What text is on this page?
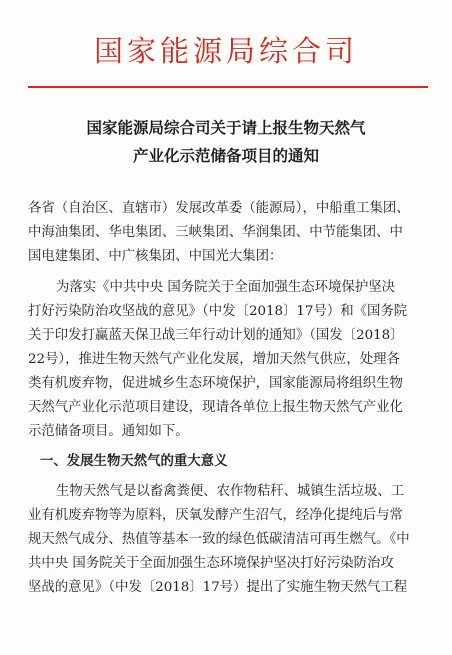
国家能源局综合司
国家能源局综合司关于请上报生物天然气
产业化示范储备项目的通知
各省（自治区、直辖市）发展改革委（能源局），中船重工集团、
中海油集团、华电集团、三峡集团、华润集团、中节能集团、中
国电建集团、中广核集团、中国光大集团：
为落实《中共中央 国务院关于全面加强生态环境保护坚决
打好污染防治攻坚战的意见》（中发〔2018〕17号）和《国务院
关于印发打赢蓝天保卫战三年行动计划的通知》（国发〔2018〕
22号），推进生物天然气产业化发展，增加天然气供应，处理各
类有机废弃物，促进城乡生态环境保护，国家能源局将组织生物
天然气产业化示范项目建设，现请各单位上报生物天然气产业化
示范储备项目。通知如下。
一、发展生物天然气的重大意义
生物天然气是以畜禽粪便、农作物秸秆、城镇生活垃圾、工
业有机废弃物等为原料，厌氧发酵产生沼气，经净化提纯后与常
规天然气成分、热值等基本一致的绿色低碳清洁可再生燃气。《中
共中央 国务院关于全面加强生态环境保护坚决打好污染防治攻
坚战的意见》（中发〔2018〕17号）提出了实施生物天然气工程
